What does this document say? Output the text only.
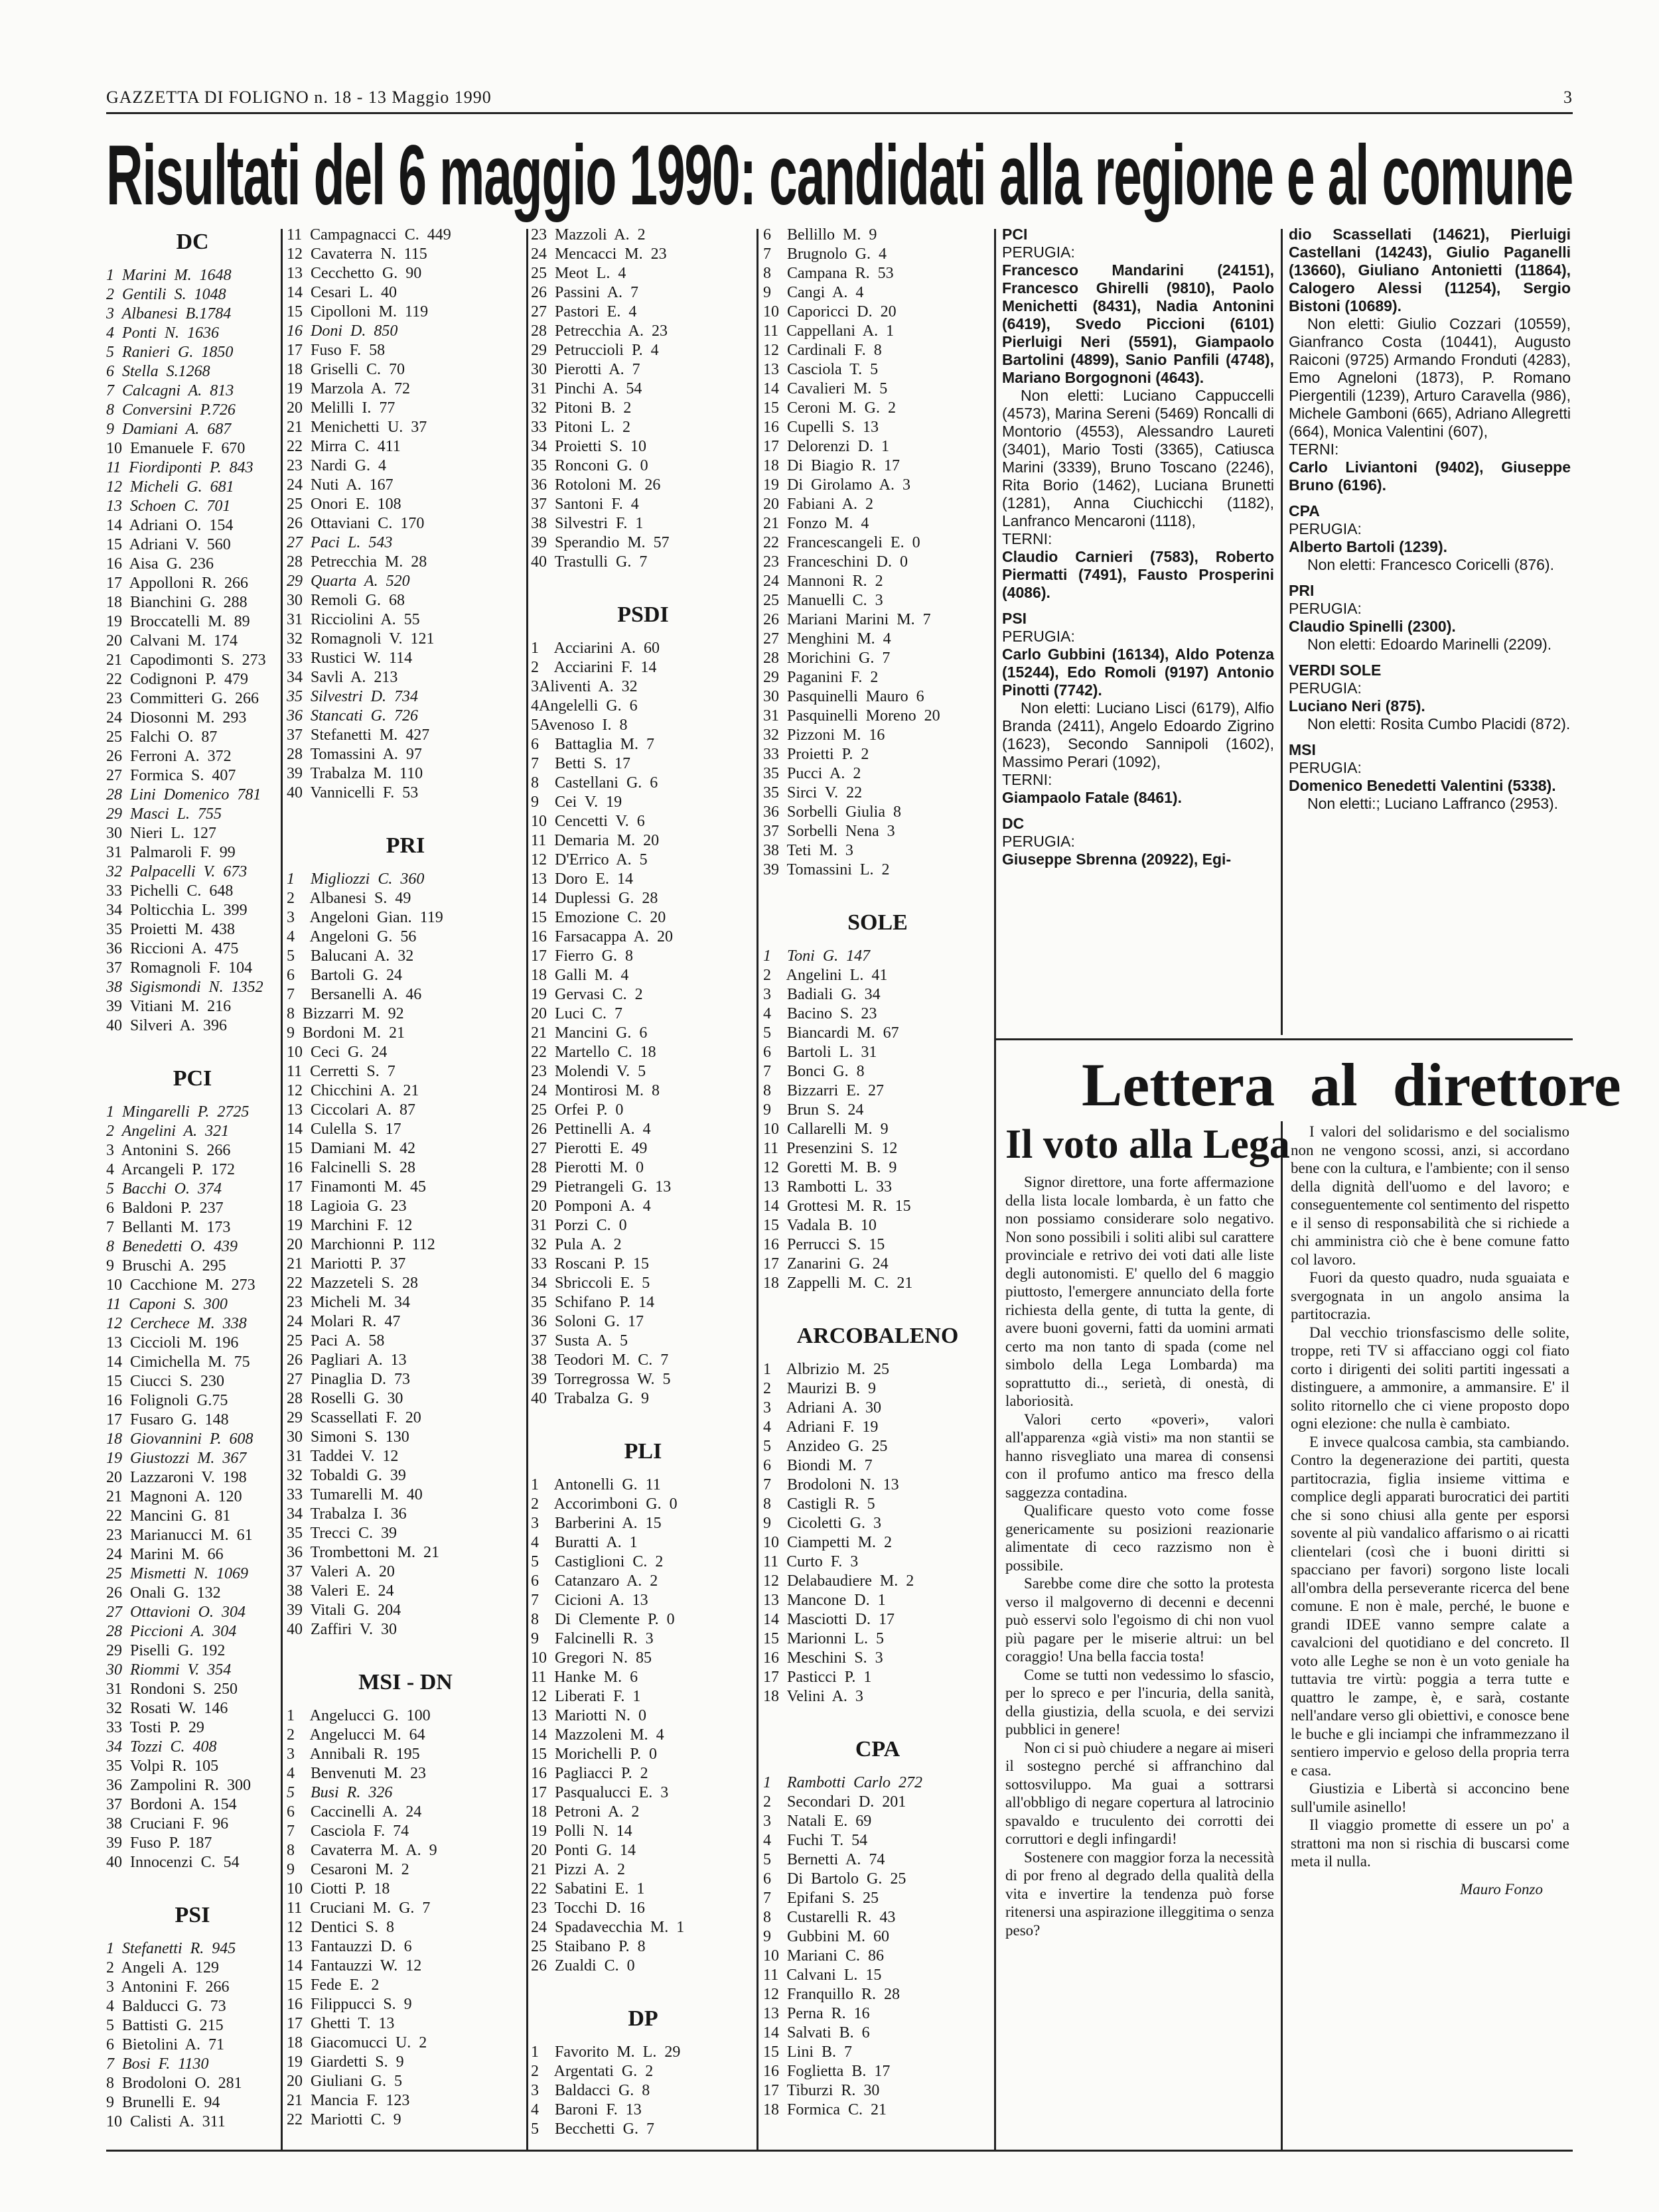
GAZZETTA DI FOLIGNO n. 18 - 13 Maggio 1990	3
Risultati del 6 maggio 1990: candidati alla regione e al comune
DC
1 Marini M. 1648
2 Gentili S. 1048
3 Albanesi B.1784
4 Ponti N. 1636
5 Ranieri G. 1850
6 Stella S.1268
7 Calcagni A. 813
8 Conversini P.726
9 Damiani A. 687
10 Emanuele F. 670
11 Fiordiponti P. 843
12 Micheli G. 681
13 Schoen C. 701
14 Adriani O. 154
15 Adriani V. 560
16 Aisa G. 236
17 Appolloni R. 266
18 Bianchini G. 288
19 Broccatelli M. 89
20 Calvani M. 174
21 Capodimonti S. 273
22 Codignoni P. 479
23 Committeri G. 266
24 Diosonni M. 293
25 Falchi O. 87
26 Ferroni A. 372
27 Formica S. 407
28 Lini Domenico 781
29 Masci L. 755
30 Nieri L. 127
31 Palmaroli F. 99
32 Palpacelli V. 673
33 Pichelli C. 648
34 Polticchia L. 399
35 Proietti M. 438
36 Riccioni A. 475
37 Romagnoli F. 104
38 Sigismondi N. 1352
39 Vitiani M. 216
40 Silveri A. 396
PCI
1 Mingarelli P. 2725
2 Angelini A. 321
3 Antonini S. 266
4 Arcangeli P. 172
5 Bacchi O. 374
6 Baldoni P. 237
7 Bellanti M. 173
8 Benedetti O. 439
9 Bruschi A. 295
10 Cacchione M. 273
11 Caponi S. 300
12 Cerchece M. 338
13 Ciccioli M. 196
14 Cimichella M. 75
15 Ciucci S. 230
16 Folignoli G.75
17 Fusaro G. 148
18 Giovannini P. 608
19 Giustozzi M. 367
20 Lazzaroni V. 198
21 Magnoni A. 120
22 Mancini G. 81
23 Marianucci M. 61
24 Marini M. 66
25 Mismetti N. 1069
26 Onali G. 132
27 Ottavioni O. 304
28 Piccioni A. 304
29 Piselli G. 192
30 Riommi V. 354
31 Rondoni S. 250
32 Rosati W. 146
33 Tosti P. 29
34 Tozzi C. 408
35 Volpi R. 105
36 Zampolini R. 300
37 Bordoni A. 154
38 Cruciani F. 96
39 Fuso P. 187
40 Innocenzi C. 54
PSI
1 Stefanetti R. 945
2 Angeli A. 129
3 Antonini F. 266
4 Balducci G. 73
5 Battisti G. 215
6 Bietolini A. 71
7 Bosi F. 1130
8 Brodoloni O. 281
9 Brunelli E. 94
10 Calisti A. 311
11 Campagnacci C. 449
12 Cavaterra N. 115
13 Cecchetto G. 90
14 Cesari L. 40
15 Cipolloni M. 119
16 Doni D. 850
17 Fuso F. 58
18 Griselli C. 70
19 Marzola A. 72
20 Melilli I. 77
21 Menichetti U. 37
22 Mirra C. 411
23 Nardi G. 4
24 Nuti A. 167
25 Onori E. 108
26 Ottaviani C. 170
27 Paci L. 543
28 Petrecchia M. 28
29 Quarta A. 520
30 Remoli G. 68
31 Ricciolini A. 55
32 Romagnoli V. 121
33 Rustici W. 114
34 Savli A. 213
35 Silvestri D. 734
36 Stancati G. 726
37 Stefanetti M. 427
28 Tomassini A. 97
39 Trabalza M. 110
40 Vannicelli F. 53
PRI
1  Migliozzi C. 360
2  Albanesi S. 49
3  Angeloni Gian. 119
4  Angeloni G. 56
5  Balucani A. 32
6  Bartoli G. 24
7  Bersanelli A. 46
8 Bizzarri M. 92
9 Bordoni M. 21
10 Ceci G. 24
11 Cerretti S. 7
12 Chicchini A. 21
13 Ciccolari A. 87
14 Culella S. 17
15 Damiani M. 42
16 Falcinelli S. 28
17 Finamonti M. 45
18 Lagioia G. 23
19 Marchini F. 12
20 Marchionni P. 112
21 Mariotti P. 37
22 Mazzeteli S. 28
23 Micheli M. 34
24 Molari R. 47
25 Paci A. 58
26 Pagliari A. 13
27 Pinaglia D. 73
28 Roselli G. 30
29 Scassellati F. 20
30 Simoni S. 130
31 Taddei V. 12
32 Tobaldi G. 39
33 Tumarelli M. 40
34 Trabalza I. 36
35 Trecci C. 39
36 Trombettoni M. 21
37 Valeri A. 20
38 Valeri E. 24
39 Vitali G. 204
40 Zaffiri V. 30
MSI - DN
1  Angelucci G. 100
2  Angelucci M. 64
3  Annibali R. 195
4  Benvenuti M. 23
5  Busi R. 326
6  Caccinelli A. 24
7  Casciola F. 74
8  Cavaterra M. A. 9
9  Cesaroni M. 2
10 Ciotti P. 18
11 Cruciani M. G. 7
12 Dentici S. 8
13 Fantauzzi D. 6
14 Fantauzzi W. 12
15 Fede E. 2
16 Filippucci S. 9
17 Ghetti T. 13
18 Giacomucci U. 2
19 Giardetti S. 9
20 Giuliani G. 5
21 Mancia F. 123
22 Mariotti C. 9
23 Mazzoli A. 2
24 Mencacci M. 23
25 Meot L. 4
26 Passini A. 7
27 Pastori E. 4
28 Petrecchia A. 23
29 Petruccioli P. 4
30 Pierotti A. 7
31 Pinchi A. 54
32 Pitoni B. 2
33 Pitoni L. 2
34 Proietti S. 10
35 Ronconi G. 0
36 Rotoloni M. 26
37 Santoni F. 4
38 Silvestri F. 1
39 Sperandio M. 57
40 Trastulli G. 7
PSDI
1  Acciarini A. 60
2  Acciarini F. 14
3Aliventi A. 32
4Angelelli G. 6
5Avenoso I. 8
6  Battaglia M. 7
7  Betti S. 17
8  Castellani G. 6
9  Cei V. 19
10 Cencetti V. 6
11 Demaria M. 20
12 D'Errico A. 5
13 Doro E. 14
14 Duplessi G. 28
15 Emozione C. 20
16 Farsacappa A. 20
17 Fierro G. 8
18 Galli M. 4
19 Gervasi C. 2
20 Luci C. 7
21 Mancini G. 6
22 Martello C. 18
23 Molendi V. 5
24 Montirosi M. 8
25 Orfei P. 0
26 Pettinelli A. 4
27 Pierotti E. 49
28 Pierotti M. 0
29 Pietrangeli G. 13
20 Pomponi A. 4
31 Porzi C. 0
32 Pula A. 2
33 Roscani P. 15
34 Sbriccoli E. 5
35 Schifano P. 14
36 Soloni G. 17
37 Susta A. 5
38 Teodori M. C. 7
39 Torregrossa W. 5
40 Trabalza G. 9
PLI
1  Antonelli G. 11
2  Accorimboni G. 0
3  Barberini A. 15
4  Buratti A. 1
5  Castiglioni C. 2
6  Catanzaro A. 2
7  Cicioni A. 13
8  Di Clemente P. 0
9  Falcinelli R. 3
10 Gregori N. 85
11 Hanke M. 6
12 Liberati F. 1
13 Mariotti N. 0
14 Mazzoleni M. 4
15 Morichelli P. 0
16 Pagliacci P. 2
17 Pasqualucci E. 3
18 Petroni A. 2
19 Polli N. 14
20 Ponti G. 14
21 Pizzi A. 2
22 Sabatini E. 1
23 Tocchi D. 16
24 Spadavecchia M. 1
25 Staibano P. 8
26 Zualdi C. 0
DP
1  Favorito M. L. 29
2  Argentati G. 2
3  Baldacci G. 8
4  Baroni F. 13
5  Becchetti G. 7
6  Bellillo M. 9
7  Brugnolo G. 4
8  Campana R. 53
9  Cangi A. 4
10 Caporicci D. 20
11 Cappellani A. 1
12 Cardinali F. 8
13 Casciola T. 5
14 Cavalieri M. 5
15 Ceroni M. G. 2
16 Cupelli S. 13
17 Delorenzi D. 1
18 Di Biagio R. 17
19 Di Girolamo A. 3
20 Fabiani A. 2
21 Fonzo M. 4
22 Francescangeli E. 0
23 Franceschini D. 0
24 Mannoni R. 2
25 Manuelli C. 3
26 Mariani Marini M. 7
27 Menghini M. 4
28 Morichini G. 7
29 Paganini F. 2
30 Pasquinelli Mauro 6
31 Pasquinelli Moreno 20
32 Pizzoni M. 16
33 Proietti P. 2
35 Pucci A. 2
35 Sirci V. 22
36 Sorbelli Giulia 8
37 Sorbelli Nena 3
38 Teti M. 3
39 Tomassini L. 2
SOLE
1  Toni G. 147
2  Angelini L. 41
3  Badiali G. 34
4  Bacino S. 23
5  Biancardi M. 67
6  Bartoli L. 31
7  Bonci G. 8
8  Bizzarri E. 27
9  Brun S. 24
10 Callarelli M. 9
11 Presenzini S. 12
12 Goretti M. B. 9
13 Rambotti L. 33
14 Grottesi M. R. 15
15 Vadala B. 10
16 Perrucci S. 15
17 Zanarini G. 24
18 Zappelli M. C. 21
ARCOBALENO
1  Albrizio M. 25
2  Maurizi B. 9
3  Adriani A. 30
4  Adriani F. 19
5  Anzideo G. 25
6  Biondi M. 7
7  Brodoloni N. 13
8  Castigli R. 5
9  Cicoletti G. 3
10 Ciampetti M. 2
11 Curto F. 3
12 Delabaudiere M. 2
13 Mancone D. 1
14 Masciotti D. 17
15 Marionni L. 5
16 Meschini S. 3
17 Pasticci P. 1
18 Velini A. 3
CPA
1  Rambotti Carlo 272
2  Secondari D. 201
3  Natali E. 69
4  Fuchi T. 54
5  Bernetti A. 74
6  Di Bartolo G. 25
7  Epifani S. 25
8  Custarelli R. 43
9  Gubbini M. 60
10 Mariani C. 86
11 Calvani L. 15
12 Franquillo R. 28
13 Perna R. 16
14 Salvati B. 6
15 Lini B. 7
16 Foglietta B. 17
17 Tiburzi R. 30
18 Formica C. 21
PCI
PERUGIA:
Francesco Mandarini (24151), Francesco Ghirelli (9810), Paolo Menichetti (8431), Nadia Antonini (6419), Svedo Piccioni (6101) Pierluigi Neri (5591), Giampaolo Bartolini (4899), Sanio Panfili (4748), Mariano Borgognoni (4643).
Non eletti: Luciano Cappuccelli (4573), Marina Sereni (5469) Roncalli di Montorio (4553), Alessandro Laureti (3401), Mario Tosti (3365), Catiusca Marini (3339), Bruno Toscano (2246), Rita Borio (1462), Luciana Brunetti (1281), Anna Ciuchicchi (1182), Lanfranco Mencaroni (1118),
TERNI:
Claudio Carnieri (7583), Roberto Piermatti (7491), Fausto Prosperini (4086).
PSI
PERUGIA:
Carlo Gubbini (16134), Aldo Potenza (15244), Edo Romoli (9197) Antonio Pinotti (7742).
Non eletti: Luciano Lisci (6179), Alfio Branda (2411), Angelo Edoardo Zigrino (1623), Secondo Sannipoli (1602), Massimo Perari (1092),
TERNI:
Giampaolo Fatale (8461).
DC
PERUGIA:
Giuseppe Sbrenna (20922), Egi-
dio Scassellati (14621), Pierluigi Castellani (14243), Giulio Paganelli (13660), Giuliano Antonietti (11864), Calogero Alessi (11254), Sergio Bistoni (10689).
Non eletti: Giulio Cozzari (10559), Gianfranco Costa (10441), Augusto Raiconi (9725) Armando Fronduti (4283), Emo Agneloni (1873), P. Romano Piergentili (1239), Arturo Caravella (986), Michele Gamboni (665), Adriano Allegretti (664), Monica Valentini (607),
TERNI:
Carlo Liviantoni (9402), Giuseppe Bruno (6196).
CPA
PERUGIA:
Alberto Bartoli (1239).
Non eletti: Francesco Coricelli (876).
PRI
PERUGIA:
Claudio Spinelli (2300).
Non eletti: Edoardo Marinelli (2209).
VERDI SOLE
PERUGIA:
Luciano Neri (875).
Non eletti: Rosita Cumbo Placidi (872).
MSI
PERUGIA:
Domenico Benedetti Valentini (5338).
Non eletti:; Luciano Laffranco (2953).
Lettera al direttore
Il voto alla Lega

Signor direttore, una forte affermazione della lista locale lombarda, è un fatto che non possiamo considerare solo negativo. Non sono possibili i soliti alibi sul carattere provinciale e retrivo dei voti dati alle liste degli autonomisti. E' quello del 6 maggio piuttosto, l'emergere annunciato della forte richiesta della gente, di tutta la gente, di avere buoni governi, fatti da uomini armati certo ma non tanto di spada (come nel simbolo della Lega Lombarda) ma soprattutto di.., serietà, di onestà, di laboriosità.

Valori certo «poveri», valori all'apparenza «già visti» ma non stantii se hanno risvegliato una marea di consensi con il profumo antico ma fresco della saggezza contadina.

Qualificare questo voto come fosse genericamente su posizioni reazionarie alimentate di ceco razzismo non è possibile.

Sarebbe come dire che sotto la protesta verso il malgoverno di decenni e decenni può esservi solo l'egoismo di chi non vuol più pagare per le miserie altrui: un bel coraggio! Una bella faccia tosta!

Come se tutti non vedessimo lo sfascio, per lo spreco e per l'incuria, della sanità, della giustizia, della scuola, e dei servizi pubblici in genere!

Non ci si può chiudere a negare ai miseri il sostegno perché si affranchino dal sottosviluppo. Ma guai a sottrarsi all'obbligo di negare copertura al latrocinio spavaldo e truculento dei corrotti dei corruttori e degli infingardi!

Sostenere con maggior forza la necessità di por freno al degrado della qualità della vita e invertire la tendenza può forse ritenersi una aspirazione illeggitima o senza peso?

I valori del solidarismo e del socialismo non ne vengono scossi, anzi, si accordano bene con la cultura, e l'ambiente; con il senso della dignità dell'uomo e del lavoro; e conseguentemente col sentimento del rispetto e il senso di responsabilità che si richiede a chi amministra ciò che è bene comune fatto col lavoro.

Fuori da questo quadro, nuda sguaiata e svergognata in un angolo ansima la partitocrazia.

Dal vecchio trionsfascismo delle solite, troppe, reti TV si affacciano oggi col fiato corto i dirigenti dei soliti partiti ingessati a distinguere, a ammonire, a ammansire. E' il solito ritornello che ci viene proposto dopo ogni elezione: che nulla è cambiato.

E invece qualcosa cambia, sta cambiando. Contro la degenerazione dei partiti, questa partitocrazia, figlia insieme vittima e complice degli apparati burocratici dei partiti che si sono chiusi alla gente per esporsi sovente al più vandalico affarismo o ai ricatti clientelari (così che i buoni diritti si spacciano per favori) sorgono liste locali all'ombra della perseverante ricerca del bene comune. E non è male, perché, le buone e grandi IDEE vanno sempre calate a cavalcioni del quotidiano e del concreto. Il voto alle Leghe se non è un voto geniale ha tuttavia tre virtù: poggia a terra tutte e quattro le zampe, è, e sarà, costante nell'andare verso gli obiettivi, e conosce bene le buche e gli inciampi che inframmezzano il sentiero impervio e geloso della propria terra e casa.

Giustizia e Libertà si acconcino bene sull'umile asinello!

Il viaggio promette di essere un po' a strattoni ma non si rischia di buscarsi come meta il nulla.

Mauro Fonzo
